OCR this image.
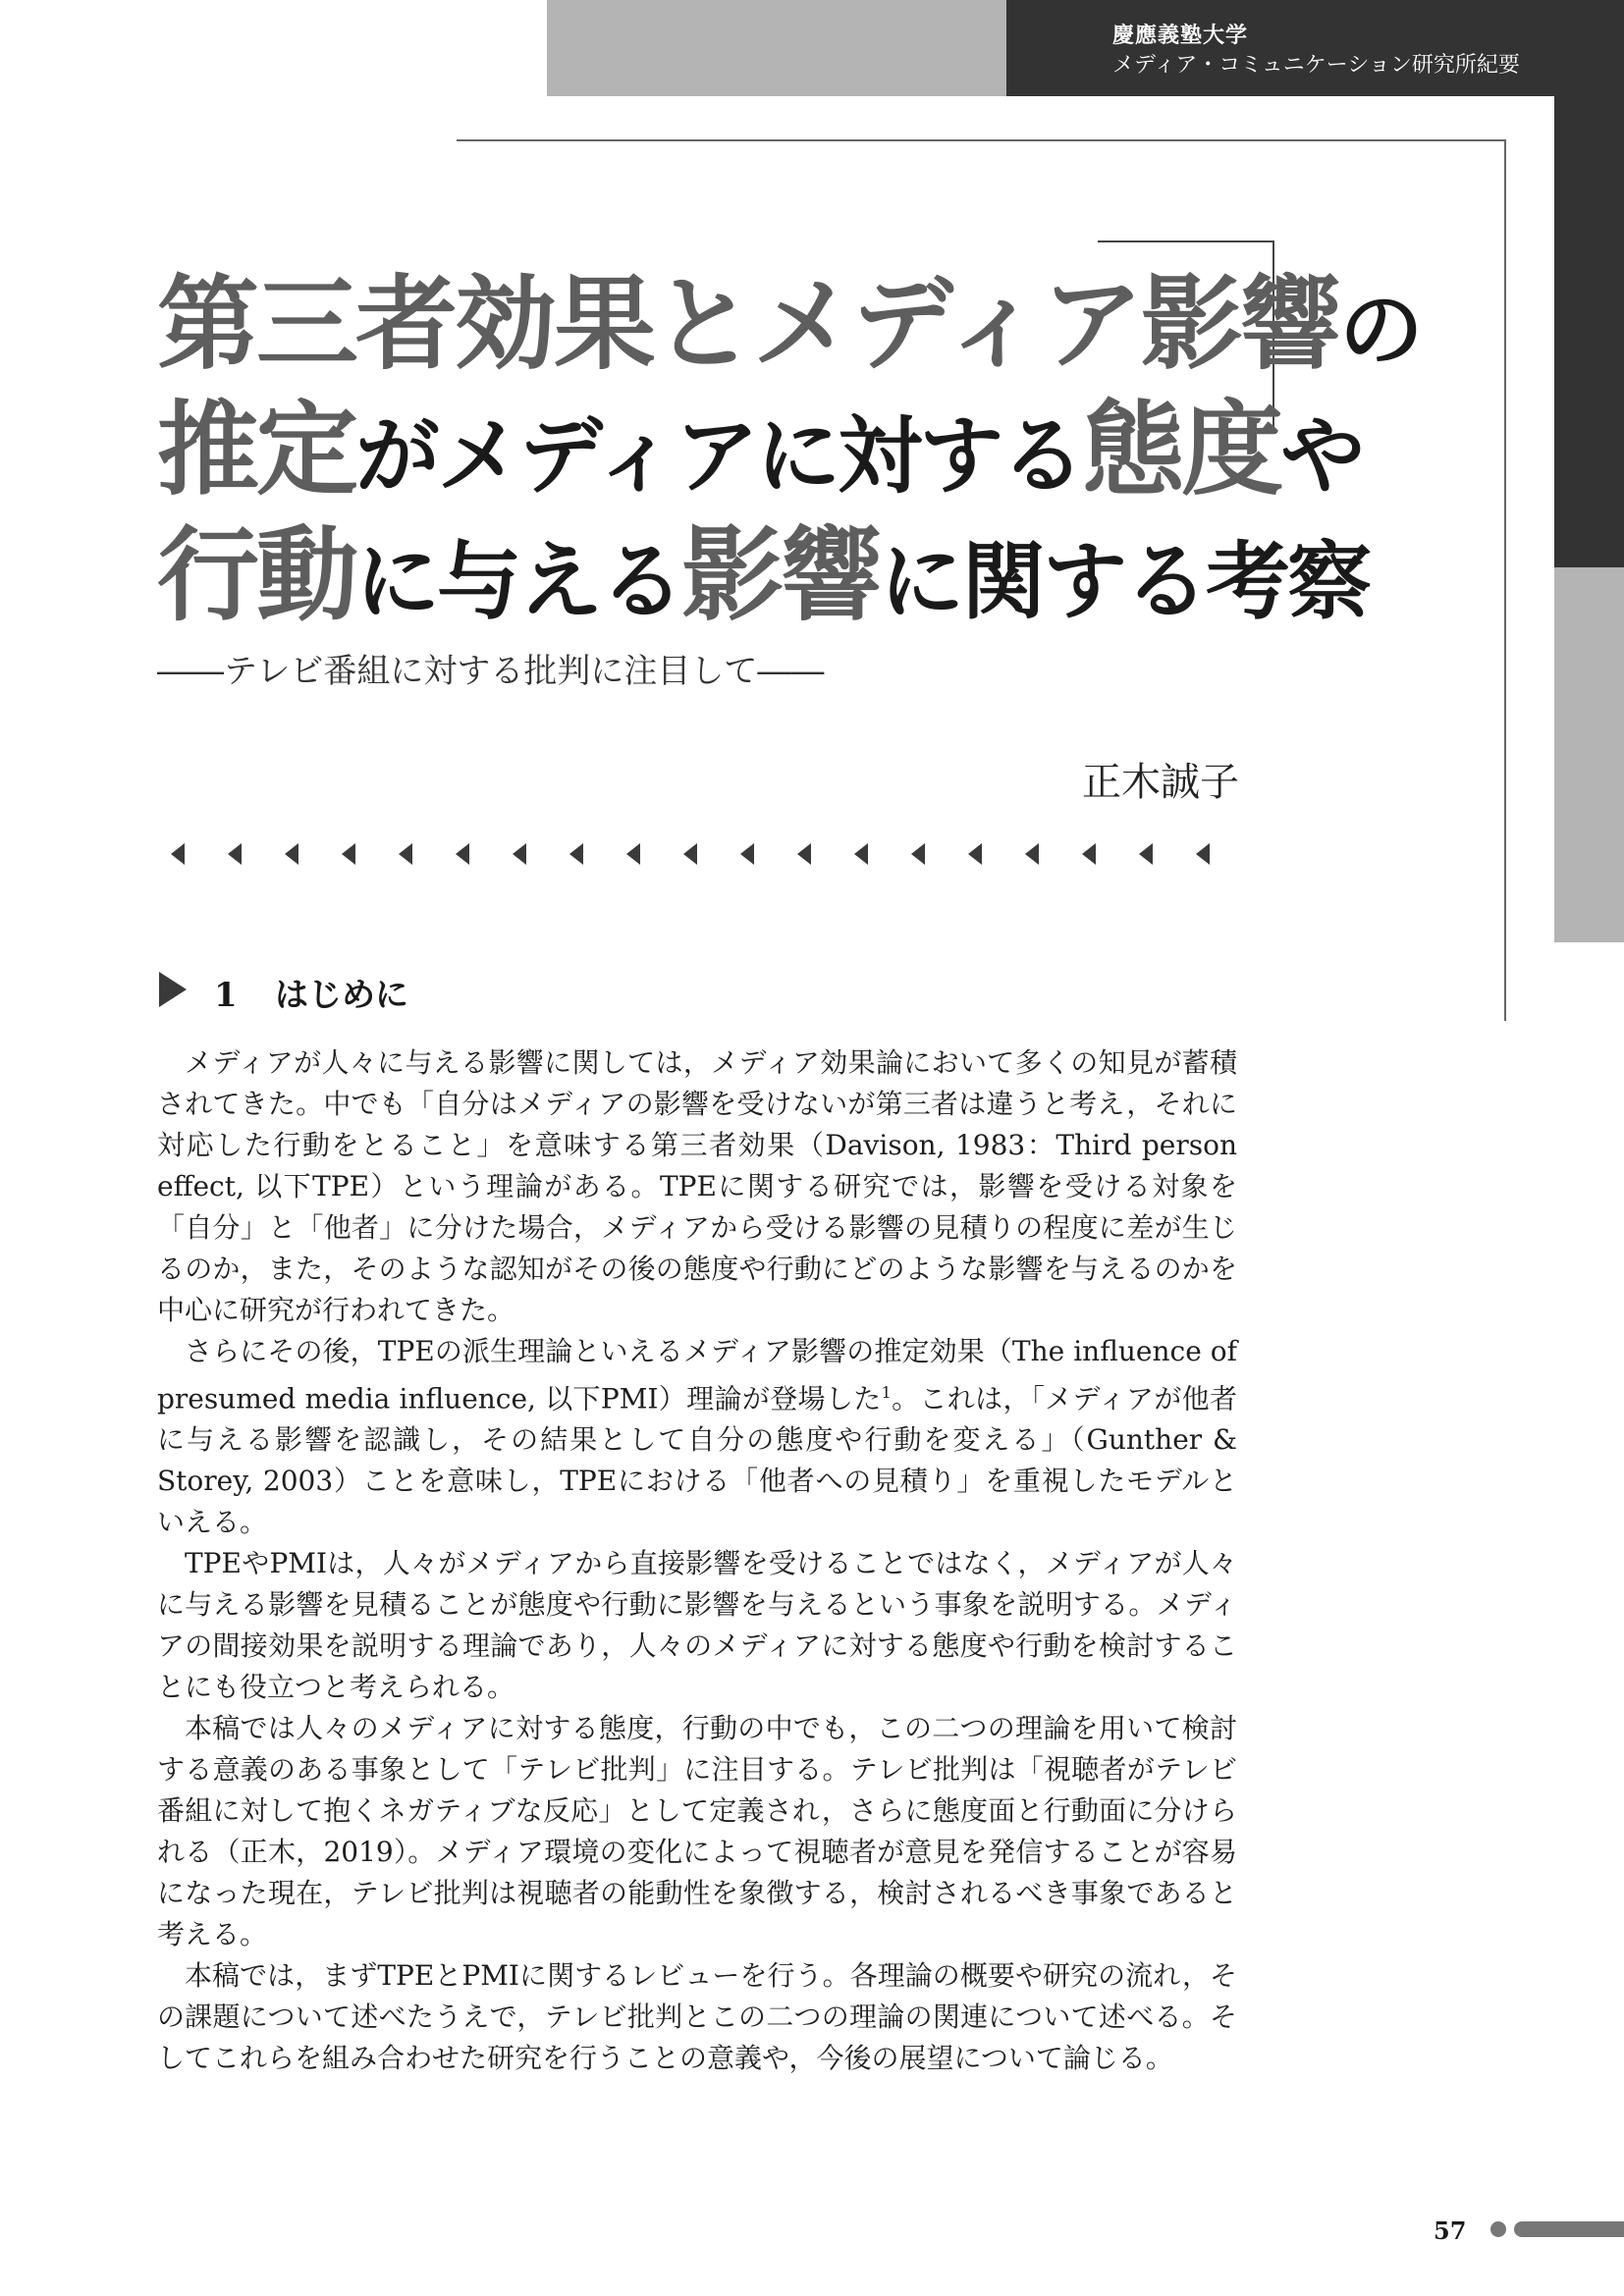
慶應義塾大学
メディア・コミュニケーション研究所紀要
第三者効果とメディア影響の
推定がメディアに対する態度や
行動に与える影響に関する考察
――テレビ番組に対する批判に注目して――
正木誠子
1 はじめに

メディアが人々に与える影響に関しては，メディア効果論において多くの知見が蓄積されてきた。中でも「自分はメディアの影響を受けないが第三者は違うと考え，それに対応した行動をとること」を意味する第三者効果（Davison, 1983：Third person effect, 以下TPE）という理論がある。TPEに関する研究では，影響を受ける対象を「自分」と「他者」に分けた場合，メディアから受ける影響の見積りの程度に差が生じるのか，また，そのような認知がその後の態度や行動にどのような影響を与えるのかを中心に研究が行われてきた。

さらにその後，TPEの派生理論といえるメディア影響の推定効果（The influence of presumed media influence, 以下PMI）理論が登場した$^1$。これは，「メディアが他者に与える影響を認識し，その結果として自分の態度や行動を変える」（Gunther & Storey, 2003）ことを意味し，TPEにおける「他者への見積り」を重視したモデルといえる。

TPEやPMIは，人々がメディアから直接影響を受けることではなく，メディアが人々に与える影響を見積ることが態度や行動に影響を与えるという事象を説明する。メディアの間接効果を説明する理論であり，人々のメディアに対する態度や行動を検討することにも役立つと考えられる。

本稿では人々のメディアに対する態度，行動の中でも，この二つの理論を用いて検討する意義のある事象として「テレビ批判」に注目する。テレビ批判は「視聴者がテレビ番組に対して抱くネガティブな反応」として定義され，さらに態度面と行動面に分けられる（正木，2019）。メディア環境の変化によって視聴者が意見を発信することが容易になった現在，テレビ批判は視聴者の能動性を象徴する，検討されるべき事象であると考える。

本稿では，まずTPEとPMIに関するレビューを行う。各理論の概要や研究の流れ，その課題について述べたうえで，テレビ批判とこの二つの理論の関連について述べる。そしてこれらを組み合わせた研究を行うことの意義や，今後の展望について論じる。

57
